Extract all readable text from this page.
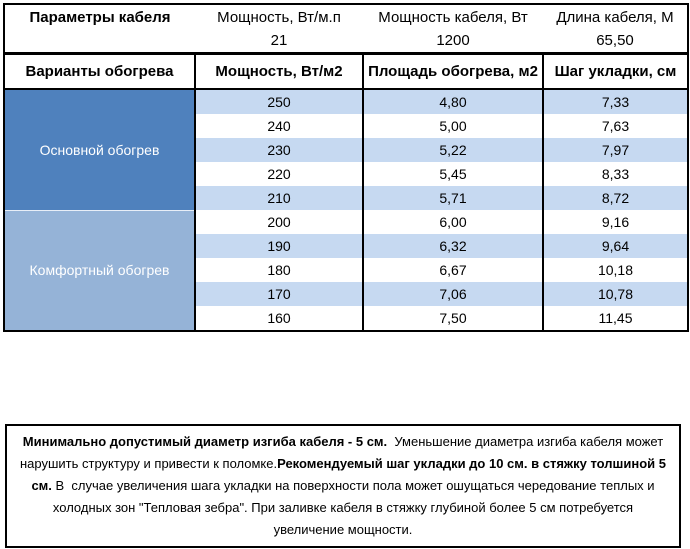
Параметры кабеля	Мощность, Вт/м.п	Мощность кабеля, Вт	Длина кабеля, М
	21	1200	65,50
Варианты обогрева	Мощность, Вт/м2	Площадь обогрева, м2	Шаг укладки, см
Основной обогрев	250	4,80	7,33
	240	5,00	7,63
	230	5,22	7,97
	220	5,45	8,33
	210	5,71	8,72
Комфортный обогрев	200	6,00	9,16
	190	6,32	9,64
	180	6,67	10,18
	170	7,06	10,78
	160	7,50	11,45

Минимально допустимый диаметр изгиба кабеля - 5 см.  Уменьшение диаметра изгиба кабеля может нарушить структуру и привести к поломке.Рекомендуемый шаг укладки до 10 см. в стяжку толшиной 5 см. В  случае увеличения шага укладки на поверхности пола может ошущаться чередование теплых и холодных зон "Тепловая зебра". При заливке кабеля в стяжку глубиной более 5 см потребуется увеличение мощности.
